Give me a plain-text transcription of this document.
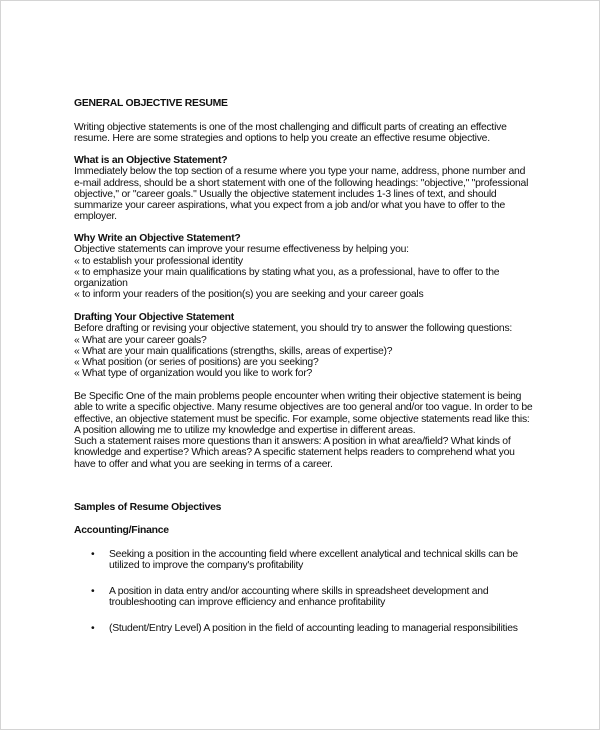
GENERAL OBJECTIVE RESUME
Writing objective statements is one of the most challenging and difficult parts of creating an effective
resume. Here are some strategies and options to help you create an effective resume objective.
What is an Objective Statement?
Immediately below the top section of a resume where you type your name, address, phone number and
e-mail address, should be a short statement with one of the following headings: "objective," "professional
objective," or "career goals." Usually the objective statement includes 1-3 lines of text, and should
summarize your career aspirations, what you expect from a job and/or what you have to offer to the
employer.
Why Write an Objective Statement?
Objective statements can improve your resume effectiveness by helping you:
« to establish your professional identity
« to emphasize your main qualifications by stating what you, as a professional, have to offer to the
organization
« to inform your readers of the position(s) you are seeking and your career goals
Drafting Your Objective Statement
Before drafting or revising your objective statement, you should try to answer the following questions:
« What are your career goals?
« What are your main qualifications (strengths, skills, areas of expertise)?
« What position (or series of positions) are you seeking?
« What type of organization would you like to work for?
Be Specific One of the main problems people encounter when writing their objective statement is being
able to write a specific objective. Many resume objectives are too general and/or too vague. In order to be
effective, an objective statement must be specific. For example, some objective statements read like this:
A position allowing me to utilize my knowledge and expertise in different areas.
Such a statement raises more questions than it answers: A position in what area/field? What kinds of
knowledge and expertise? Which areas? A specific statement helps readers to comprehend what you
have to offer and what you are seeking in terms of a career.
Samples of Resume Objectives
Accounting/Finance
• Seeking a position in the accounting field where excellent analytical and technical skills can be
utilized to improve the company's profitability
• A position in data entry and/or accounting where skills in spreadsheet development and
troubleshooting can improve efficiency and enhance profitability
• (Student/Entry Level) A position in the field of accounting leading to managerial responsibilities
